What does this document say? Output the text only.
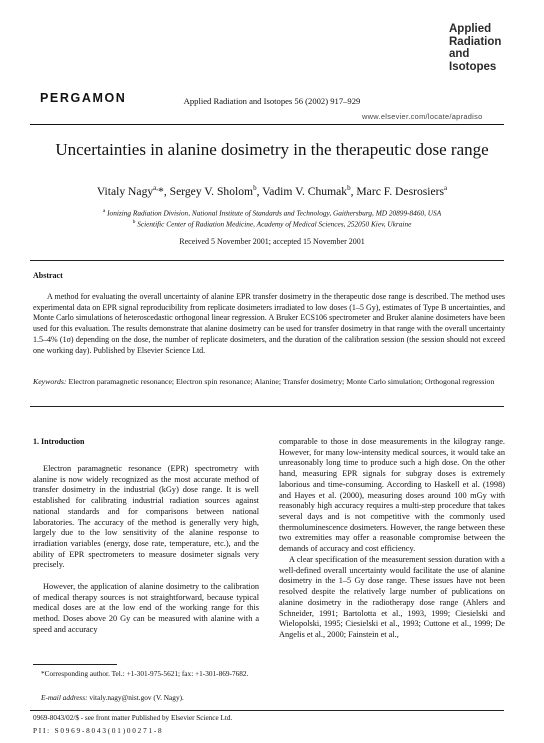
PERGAMON	Applied Radiation and Isotopes 56 (2002) 917–929
Applied
Radiation and
Isotopes
www.elsevier.com/locate/apradiso
Uncertainties in alanine dosimetry in the therapeutic dose range
Vitaly Nagy$^{a,}$*, Sergey V. Sholom$^b$, Vadim V. Chumak$^b$, Marc F. Desrosiers$^a$
$^a$ Ionizing Radiation Division, National Institute of Standards and Technology, Gaithersburg, MD 20899-8460, USA
$^b$ Scientific Center of Radiation Medicine, Academy of Medical Sciences, 252050 Kiev, Ukraine
Received 5 November 2001; accepted 15 November 2001
Abstract
A method for evaluating the overall uncertainty of alanine EPR transfer dosimetry in the therapeutic dose range is described. The method uses experimental data on EPR signal reproducibility from replicate dosimeters irradiated to low doses (1–5 Gy), estimates of Type B uncertainties, and Monte Carlo simulations of heteroscedastic orthogonal linear regression. A Bruker ECS106 spectrometer and Bruker alanine dosimeters have been used for this evaluation. The results demonstrate that alanine dosimetry can be used for transfer dosimetry in that range with the overall uncertainty 1.5–4% (1σ) depending on the dose, the number of replicate dosimeters, and the duration of the calibration session (the session should not exceed one working day). Published by Elsevier Science Ltd.
Keywords: Electron paramagnetic resonance; Electron spin resonance; Alanine; Transfer dosimetry; Monte Carlo simulation; Orthogonal regression
1. Introduction
Electron paramagnetic resonance (EPR) spectrometry with alanine is now widely recognized as the most accurate method of transfer dosimetry in the industrial (kGy) dose range. It is well established for calibrating industrial radiation sources against national standards and for comparisons between national laboratories. The accuracy of the method is generally very high, largely due to the low sensitivity of the alanine response to irradiation variables (energy, dose rate, temperature, etc.), and the ability of EPR spectrometers to measure dosimeter signals very precisely.
However, the application of alanine dosimetry to the calibration of medical therapy sources is not straightforward, because typical medical doses are at the low end of the working range for this method. Doses above 20 Gy can be measured with alanine with a speed and accuracy
comparable to those in dose measurements in the kilogray range. However, for many low-intensity medical sources, it would take an unreasonably long time to produce such a high dose. On the other hand, measuring EPR signals for subgray doses is extremely laborious and time-consuming. According to Haskell et al. (1998) and Hayes et al. (2000), measuring doses around 100 mGy with reasonably high accuracy requires a multi-step procedure that takes several days and is not competitive with the commonly used thermoluminescence dosimeters. However, the range between these two extremities may offer a reasonable compromise between the demands of accuracy and cost efficiency.
A clear specification of the measurement session duration with a well-defined overall uncertainty would facilitate the use of alanine dosimetry in the 1–5 Gy dose range. These issues have not been resolved despite the relatively large number of publications on alanine dosimetry in the radiotherapy dose range (Ahlers and Schneider, 1991; Bartolotta et al., 1993, 1999; Ciesielski and Wielopolski, 1995; Ciesielski et al., 1993; Cuttone et al., 1999; De Angelis et al., 2000; Fainstein et al.,
*Corresponding author. Tel.: +1-301-975-5621; fax: +1-301-869-7682.
E-mail address: vitaly.nagy@nist.gov (V. Nagy).
0969-8043/02/$ - see front matter Published by Elsevier Science Ltd.
PII: S0969-8043(01)00271-8
